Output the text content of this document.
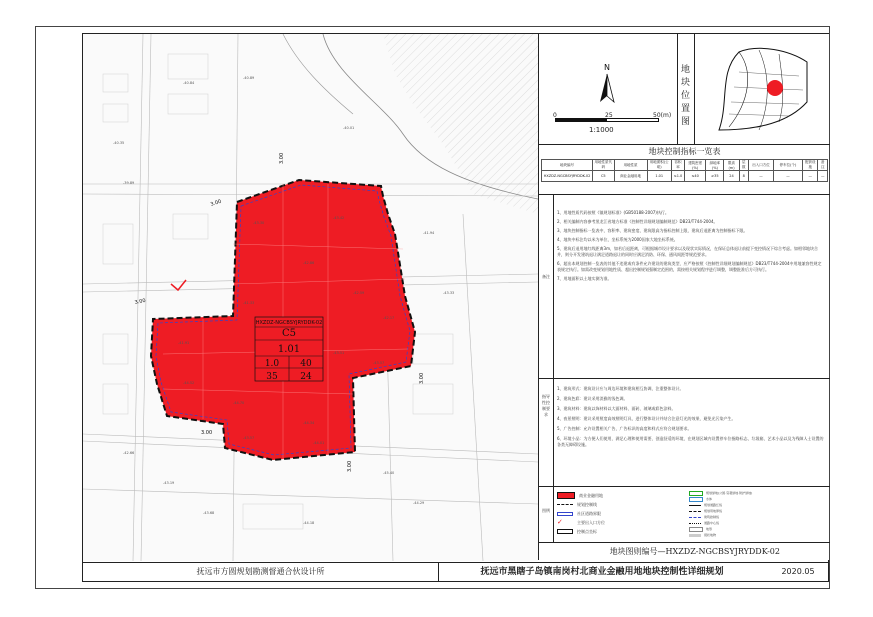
HXZDZ-NGCBSYJRYDDK-02
C5
1.01
1.0 40
35	24
3.00
3.00
3.00
3.00
3.00
3.00
-40.84
-40.89
-40.35
-43.30
-43.42
-42.86
-42.59
-42.17
-41.33
-41.91
-44.52
-44.70
-43.51
-43.57
-44.34
-43.57
-44.01
-42.66
-43.19
-45.40
-43.33
-41.94
-43.68
-44.18
-44.29
-40.01
-39.89
N
0	25	50(m)
1:1000
地
块
位
置
图
地块控制指标一览表
地块编号	用地性质代码	用地性质	用地面积(公顷)	容积率	建筑密度(%)	绿地率(%)	限高(m)	层数	出入口方位	停车位(个)	配套设施	备注
HXZDZ-NGCBSYJRYDDK-02	C5	商业金融用地	1.01	≤1.0	≤40	≥35	24	8	—	—	—	—
备注
1、用地性质代码按照《镇规划标准》(GB50188-2007)执行。
2、相关编制内容参考黑龙江省地方标准《控制性详细规划编制规范》DB23/T744-2004。
3、地块控制指标一览表中，容积率、建筑密度、建筑限高为指标控制上限，建筑后退距离为控制指标下限。
4、地块中标注均以米为单位，坐标系统为2000国家大地坐标系统。
5、建筑后退用地红线距离3m，如若后退距离，可根据城市设计要求以及现状实际情况，在保证总体退让前提下变控情况下综合考虑。如相邻地块合并，则分开发建筑退让满足道路退让的同时应满足消防、环保、通风间距等规范要求。
6、超出本规划控制一览表的其他不违建或有条件允许建设的建筑类型，应严格按照《控制性详细规划编制规范》DB23/T744-2004中用地兼容性规定表规定执行。如需改变规划用地性质、超出控制规划强制定范围的，需按相关规划程序进行调整，调整批准后方可执行。
7、用地面积以土地实测为准。
指导性控制要求
1、建筑形式：建筑设计应与周边环境和建筑相互协调，注重整体设计。
2、建筑色彩：建议采用淡雅的浅色调。
3、建筑材料：建筑以饰材料以大面材料、面砖、玻璃或彩色涂料。
4、夜景照明：建议采用照度高效照明灯具，进行整体设计并结合注意灯光的效果，避免光污染产生。
5、广告控制：允许设置相关广告，广告标识的高度和样式应符合规划要求。
6、环境小品：为方便人们使用，满足心理和使用需要，创造舒适的环境，在规划区域内设置停车位指路标志、垃圾箱、艺术小品以及为残障人士设置的各类无障碍设施。
图例
商业金融用地
规划控制线
社区道路界限
✓	主要出入口方位
控制点坐标
规划绿地(公园·景观绿地·防护绿地)
水体
规划道路红线
规划用地界线
建筑控制线
道路中心线
地形
现状地物
地块图则编号—HXZDZ-NGCBSYJRYDDK-02
抚远市方圆规划勘测督通合伙设计所	抚远市黑瞎子岛镇南岗村北商业金融用地地块控制性详细规划	2020.05
